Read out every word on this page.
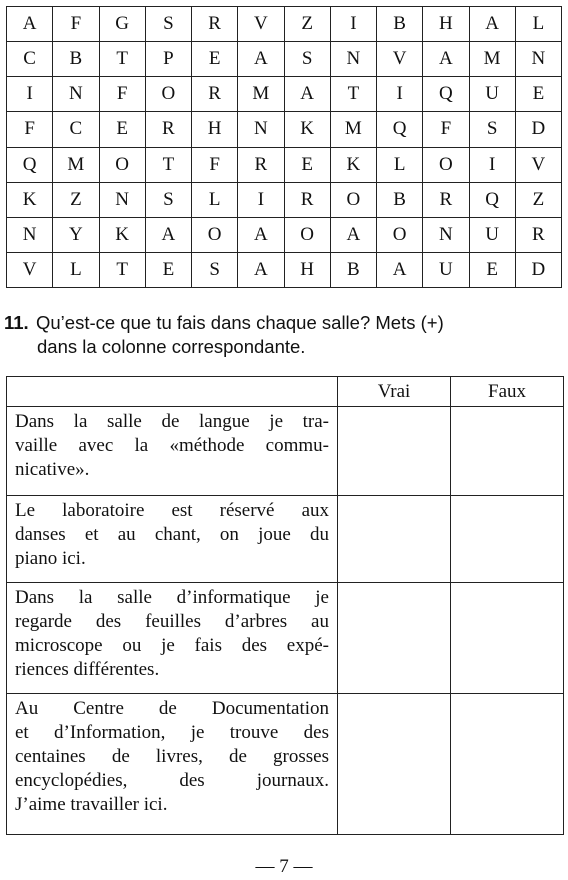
A	F	G	S	R	V	Z	I	B	H	A	L
C	B	T	P	E	A	S	N	V	A	M	N
I	N	F	O	R	M	A	T	I	Q	U	E
F	C	E	R	H	N	K	M	Q	F	S	D
Q	M	O	T	F	R	E	K	L	O	I	V
K	Z	N	S	L	I	R	O	B	R	Q	Z
N	Y	K	A	O	A	O	A	O	N	U	R
V	L	T	E	S	A	H	B	A	U	E	D
11. Qu’est-ce que tu fais dans chaque salle? Mets (+)
dans la colonne correspondante.
	Vrai	Faux

Dans la salle de langue je tra-
vaille avec la «méthode commu-
nicative».		

Le laboratoire est réservé aux
danses et au chant, on joue du
piano ici.		

Dans la salle d’informatique je
regarde des feuilles d’arbres au
microscope ou je fais des expé-
riences différentes.		

Au Centre de Documentation
et d’Information, je trouve des
centaines de livres, de grosses
encyclopédies, des journaux.
J’aime travailler ici.		

— 7 —
